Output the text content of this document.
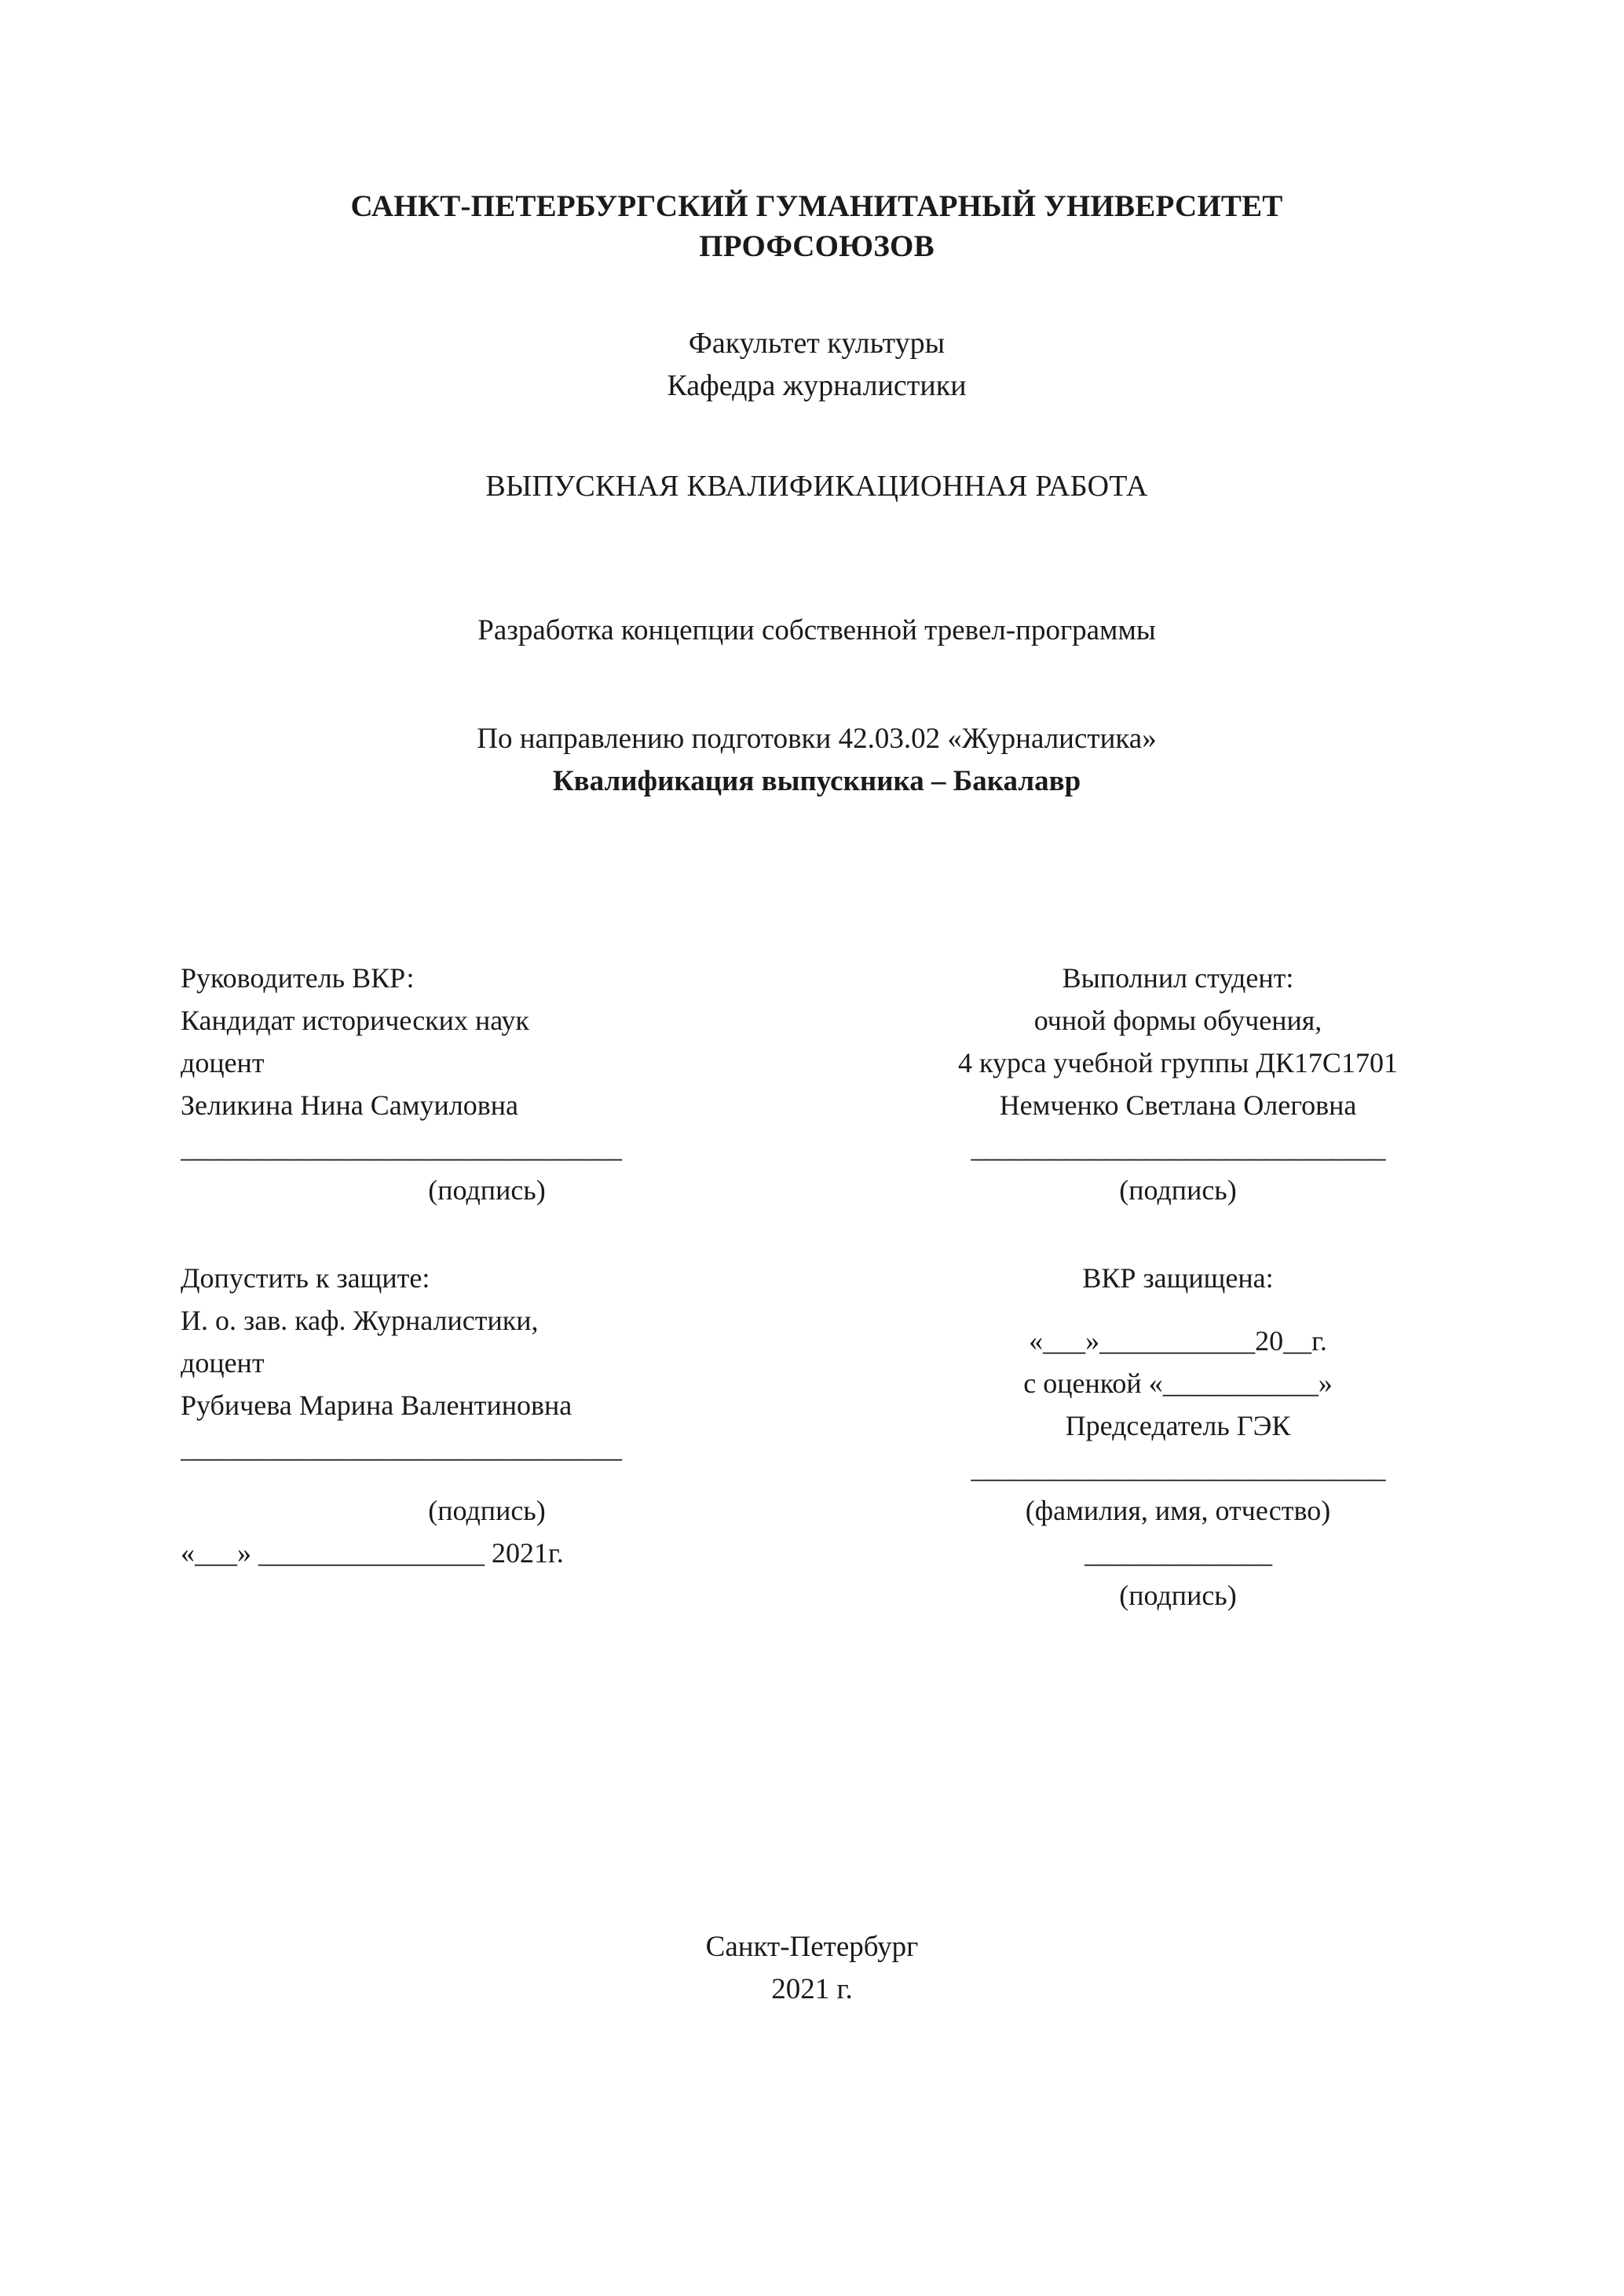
САНКТ-ПЕТЕРБУРГСКИЙ ГУМАНИТАРНЫЙ УНИВЕРСИТЕТ
ПРОФСОЮЗОВ
Факультет культуры
Кафедра журналистики
ВЫПУСКНАЯ КВАЛИФИКАЦИОННАЯ РАБОТА
Разработка концепции собственной тревел-программы
По направлению подготовки 42.03.02 «Журналистика»
Квалификация выпускника – Бакалавр
Руководитель ВКР:
Кандидат исторических наук
доцент
Зеликина Нина Самуиловна
_________________________________
(подпись)
Допустить к защите:
И. о. зав. каф. Журналистики,
доцент
Рубичева Марина Валентиновна
_________________________________
(подпись)
«___» ________________ 2021г.
Выполнил студент:
очной формы обучения,
4 курса учебной группы ДК17С1701
Немченко Светлана Олеговна
_______________________________
(подпись)
ВКР защищена:
«___»___________20__г.
с оценкой «___________»
Председатель ГЭК
_______________________________
(фамилия, имя, отчество)
______________
(подпись)
Санкт-Петербург
2021 г.
